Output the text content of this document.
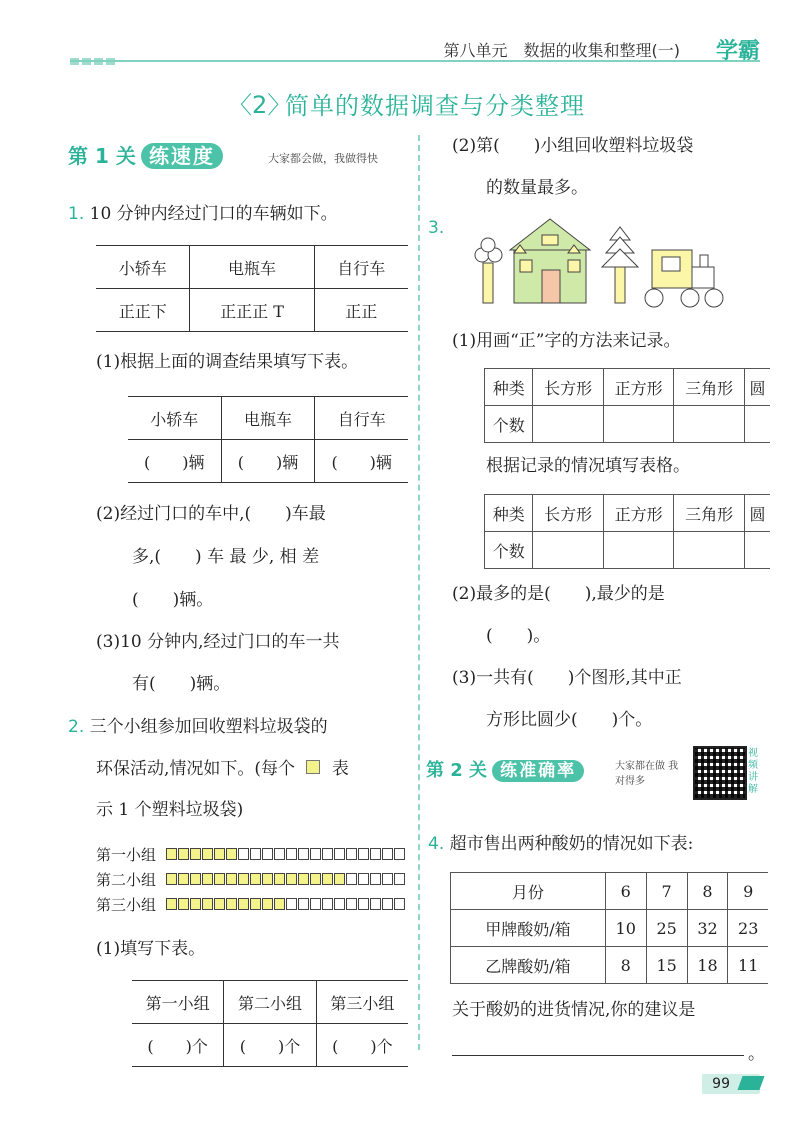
第八单元　数据的收集和整理(一) 学霸
〈2〉
简单的数据调查与分类整理
第 1 关 练速度	大家都会做，我做得快
1. 10 分钟内经过门口的车辆如下。
小轿车	电瓶车	自行车
正正下	正正正 T	正正
(1)根据上面的调查结果填写下表。
小轿车	电瓶车	自行车
(　　)辆	(　　)辆	(　　)辆
(2)经过门口的车中,(　　)车最
多,(　　) 车 最 少, 相 差
(　　)辆。
(3)10 分钟内,经过门口的车一共
有(　　)辆。
2. 三个小组参加回收塑料垃圾袋的
环保活动,情况如下。(每个 表
示 1 个塑料垃圾袋)
第一小组
第二小组
第三小组
(1)填写下表。
第一小组	第二小组	第三小组
(　　)个	(　　)个	(　　)个
(2)第(　　)小组回收塑料垃圾袋
的数量最多。
3.
(1)用画“正”字的方法来记录。
种类	长方形	正方形	三角形	圆
个数				
根据记录的情况填写表格。
种类	长方形	正方形	三角形	圆
个数				
(2)最多的是(　　),最少的是
(　　)。
(3)一共有(　　)个图形,其中正
方形比圆少(　　)个。
第 2 关 练准确率	大家都在做 我对得多
视频讲解
4. 超市售出两种酸奶的情况如下表:
月份	6	7	8	9
甲牌酸奶/箱	10	25	32	23
乙牌酸奶/箱	8	15	18	11
关于酸奶的进货情况,你的建议是
。
99
